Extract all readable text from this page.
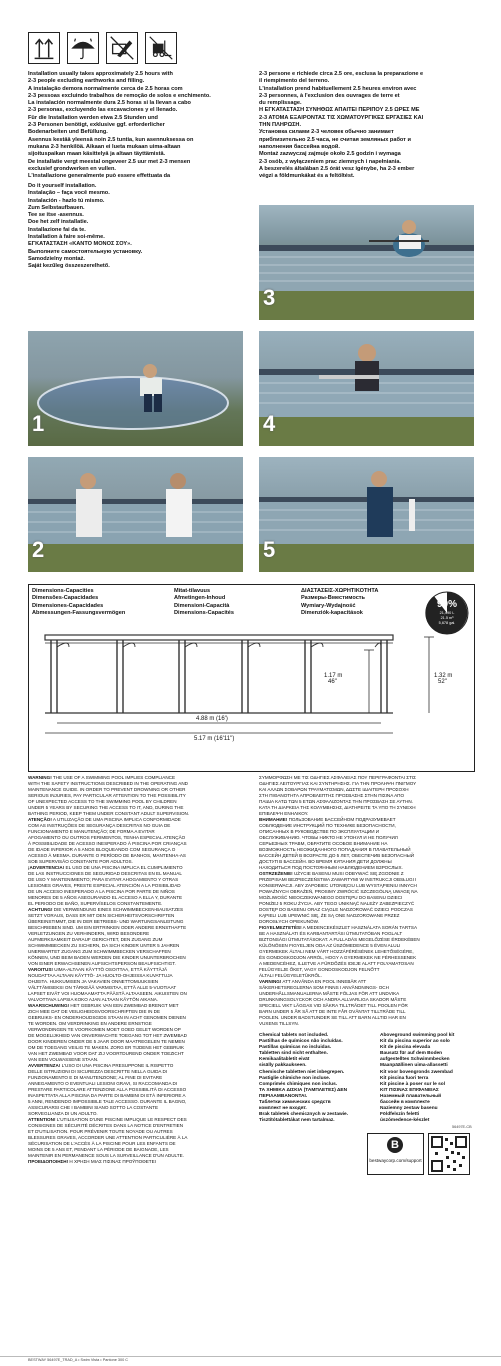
Installation usually takes approximately 2.5 hours with
2-3 people excluding earthworks and filling.
A instalação demora normalmente cerca de 2.5 horas com
2-3 pessoas excluindo trabalhos de remoção de solos e enchimento.
La instalación normalmente dura 2.5 horas si la llevan a cabo
2-3 personas, excluyendo las excavaciones y el llenado.
Für die Installation werden etwa 2.5 Stunden und
2-3 Personen benötigt, exklusive ggf. erforderlicher
Bodenarbeiten und Befüllung.
Asennus kestää yleensä noin 2.5 tuntia, kun asennuksessa on
mukana 2-3 henkilöä. Aikaan ei lueta mukaan uima-altaan
sijoituspaikan maan käsittelyä ja altaan täyttämistä.
De installatie vergt meestal ongeveer 2.5 uur met 2-3 mensen
exclusief grondwerken en vullen.
L'installazione generalmente può essere effettuata da
2-3 persone e richiede circa 2.5 ore, esclusa la preparazione e
il riempimento del terreno.
L'installation prend habituellement 2.5 heures environ avec
2-3 personnes, à l'exclusion des ouvrages de terre et
du remplissage.
Η ΕΓΚΑΤΑΣΤΑΣΗ ΣΥΝΗΘΩΣ ΑΠΑΙΤΕΙ ΠΕΡΙΠΟΥ 2.5 ΩΡΕΣ ΜΕ
2-3 ΑΤΟΜΑ ΕΞΑΙΡΟΝΤΑΣ ΤΙΣ ΧΩΜΑΤΟΥΡΓΙΚΕΣ ΕΡΓΑΣΙΕΣ ΚΑΙ
ΤΗΝ ΠΛΗΡΩΣΗ.
Установка силами 2-3 человек обычно занимает
приблизительно 2.5 часа, не считая земляных работ и
наполнения бассейна водой.
Montaż zazwyczaj zajmuje około 2.5 godzin i wymaga
2-3 osób, z wyłączeniem prac ziemnych i napełniania.
A beszerelés általában 2.5 órát vesz igénybe, ha 2-3 ember
végzi a földmunkákat és a feltöltést.
Do it yourself installation.
Instalação – faça você mesmo.
Instalación - hazlo tú mismo.
Zum Selbstaufbauen.
Tee se itse -asennus.
Doe het zelf installatie.
Installazione fai da te.
Installation à faire soi-même.
ΕΓΚΑΤΑΣΤΑΣΗ «ΚΑΝΤΟ ΜΟΝΟΣ ΣΟΥ».
Выполните самостоятельную установку.
Samodzielny montaż.
Saját kezűleg összeszerelhető.
3
1	4
2	5
Dimensions-Capacities
Dimensões-Capacidades
Dimensiones-Capacidades
Abmessungen-Fassungsvermögen
Mitat-tilavuus
Afmetingen-Inhoud
Dimensioni-Capacità
Dimensions-Capacités
ΔΙΑΣΤΑΣΕΙΣ-ΧΩΡΗΤΙΚΟΤΗΤΑ
Размеры-Вместимость
Wymiary-Wydajność
Dimenziók-kapacitások
90%
21,490 L
21.5 m³
5,678 gal.
1.17 m
46''
1.32 m
52''
4.88 m (16')
5.17 m (16'11'')
WARNING! THE USE OF A SWIMMING POOL IMPLIES COMPLIANCE
WITH THE SAFETY INSTRUCTIONS DESCRIBED IN THE OPERATING AND
MAINTENANCE GUIDE. IN ORDER TO PREVENT DROWNING OR OTHER
SERIOUS INJURIES, PAY PARTICULAR ATTENTION TO THE POSSIBILITY
OF UNEXPECTED ACCESS TO THE SWIMMING POOL BY CHILDREN
UNDER 5 YEARS BY SECURING THE ACCESS TO IT, AND, DURING THE
BATHING PERIOD, KEEP THEM UNDER CONSTANT ADULT SUPERVISION.
ATENÇÃO! A UTILIZAÇÃO DE UMA PISCINA IMPLICA CONFORMIDADE
COM AS INSTRUÇÕES DE SEGURANÇA DESCRITAS NO GUIA DE
FUNCIONAMENTO E MANUTENÇÃO; DE FORMA A EVITAR
AFOGAMENTO OU OUTROS FERIMENTOS, TENHA ESPECIAL ATENÇÃO
À POSSIBILIDADE DE ACESSO INESPERADO À PISCINA POR CRIANÇAS
DE IDADE INFERIOR A 5 ANOS BLOQUEANDO COM SEGURANÇA O
ACESSO À MESMA. DURANTE O PERÍODO DE BANHOS, MANTENHA-AS
SOB SUPERVISÃO CONSTANTE POR ADULTOS.
¡ADVERTENCIA! EL USO DE UNA PISCINA IMPLICA EL CUMPLIMIENTO
DE LAS INSTRUCCIONES DE SEGURIDAD DESCRITAS EN EL MANUAL
DE USO Y MANTENIMIENTO; PARA EVITAR AHOGAMIENTO Y OTRAS
LESIONES GRAVES, PRESTE ESPECIAL ATENCIÓN A LA POSIBILIDAD
DE UN ACCESO INESPERADO A LA PISCINA POR PARTE DE NIÑOS
MENORES DE 5 AÑOS ASEGURANDO EL ACCESO A ELLA Y, DURANTE
EL PERIODO DE BAÑO, SUPERVÍSELOS CONSTANTEMENTE.
ACHTUNG! DIE VERWENDUNG EINES SCHWIMMBECKEN-BAUSATZES
SETZT VORAUS, DASS ER MIT DEN SICHERHEITSVORSCHRIFTEN
ÜBEREINSTIMMT, DIE IN DER BETRIEBS- UND WARTUNGSANLEITUNG
BESCHRIEBEN SIND. UM EIN ERTRINKEN ODER ANDERE ERNSTHAFTE
VERLETZUNGEN ZU VERHINDERN, WIRD BESONDERE
AUFMERKSAMKEIT DARAUF GERICHTET, DEN ZUGANG ZUM
SCHWIMMBECKEN ZU SICHERN, DA SICH KINDER UNTER 5 JAHREN
UNERWARTET ZUGANG ZUM SCHWIMMBECKEN VERSCHAFFEN
KÖNNEN, UND BEIM BADEN WERDEN DIE KINDER UNUNTERBROCHEN
VON EINER ERWACHSENEN AUFSICHTSPERSON BEAUFSICHTIGT.
VAROITUS! UIMA-ALTAAN KÄYTTÖ OSOITTAA, ETTÄ KÄYTTÄJÄ
NOUDATTAA ALTAAN KÄYTTÖ- JA HUOLTO-OHJEISSA KUVATTUJA
OHJEITA. HUKKUMISEN JA VAKAVIEN ONNETTOMUUKSIEN
VÄLTTÄMISEKSI ON TÄRKEÄÄ VARMISTAA, ETTÄ ALLE 5-VUOTIAAT
LAPSET EIVÄT VOI HUOMAAMATTA PÄÄSTÄ ALTAASEEN. AIKUISTEN ON
VALVOTTAVA LAPSIA KOKO AJAN ALTAAN KÄYTÖN AIKANA.
WAARSCHUWING! HET GEBRUIK VAN EEN ZWEMBAD BRENGT MET
ZICH MEE DAT DE VEILIGHEIDSVOORSCHRIFTEN DIE IN DE
GEBRUIKS- EN ONDERHOUDSGIDS STAAN IN ACHT GENOMEN DIENEN
TE WORDEN. OM VERDRINKING EN ANDERE ERNSTIGE
VERWONDINGEN TE VOORKOMEN MOET GOED GELET WORDEN OP
DE MOGELIJKHEID VAN ONVERWACHTE TOEGANG TOT HET ZWEMBAD
DOOR KINDEREN ONDER DE 5 JAAR DOOR MAATREGELEN TE NEMEN
OM DE TOEGANG VEILIG TE MAKEN. ZORG ER TIJDENS HET GEBRUIK
VAN HET ZWEMBAD VOOR DAT ZIJ VOORTDUREND ONDER TOEZICHT
VAN EEN VOLWASSENE STAAN.
AVVERTENZA! L'USO DI UNA PISCINA PRESUPPONE IL RISPETTO
DELLE ISTRUZIONI DI SICUREZZA DESCRITTE NELLA GUIDA DI
FUNZIONAMENTO E DI MANUTENZIONE; AL FINE DI EVITARE
ANNEGAMENTO O EVENTUALI LESIONI GRAVI, SI RACCOMANDA DI
PRESTARE PARTICOLARE ATTENZIONE ALLA POSSIBILITÀ DI ACCESSO
INASPETTATA ALLA PISCINA DA PARTE DI BAMBINI DI ETÀ INFERIORE A
5 ANNI, RENDENDO IMPOSSIBILE TALE ACCESSO. DURANTE IL BAGNO,
ASSICURARSI CHE I BAMBINI SIANO SOTTO LA COSTANTE
SORVEGLIANZA DI UN ADULTO.
ATTENTION! L'UTILISATION D'UNE PISCINE IMPLIQUE LE RESPECT DES
CONSIGNES DE SÉCURITÉ DÉCRITES DANS LA NOTICE D'ENTRETIEN
ET D'UTILISATION. POUR PRÉVENIR TOUTE NOYADE OU AUTRES
BLESSURES GRAVES, ACCORDER UNE ATTENTION PARTICULIÈRE À LA
SÉCURISATION DE L'ACCÈS À LA PISCINE POUR LES ENFANTS DE
MOINS DE 5 ANS ET, PENDANT LA PÉRIODE DE BAIGNADE, LES
MAINTENIR EN PERMANENCE SOUS LA SURVEILLANCE D'UN ADULTE.
ΠΡΟΕΙΔΟΠΟΙΗΣΗ! Η ΧΡΗΣΗ ΜΙΑΣ ΠΙΣΙΝΑΣ ΠΡΟΫΠΟΘΕΤΕΙ
ΣΥΜΜΟΡΦΩΣΗ ΜΕ ΤΙΣ ΟΔΗΓΙΕΣ ΑΣΦΑΛΕΙΑΣ ΠΟΥ ΠΕΡΙΓΡΑΦΟΝΤΑΙ ΣΤΙΣ
ΟΔΗΓΙΕΣ ΛΕΙΤΟΥΡΓΙΑΣ ΚΑΙ ΣΥΝΤΗΡΗΣΗΣ. ΓΙΑ ΤΗΝ ΠΡΟΛΗΨΗ ΠΝΙΓΜΟΥ
ΚΑΙ ΑΛΛΩΝ ΣΟΒΑΡΩΝ ΤΡΑΥΜΑΤΙΣΜΩΝ, ΔΩΣΤΕ ΙΔΙΑΙΤΕΡΗ ΠΡΟΣΟΧΗ
ΣΤΗ ΠΙΘΑΝΟΤΗΤΑ ΑΠΡΟΒΛΕΠΤΗΣ ΠΡΟΣΒΑΣΗΣ ΣΤΗΝ ΠΙΣΙΝΑ ΑΠΟ
ΠΑΙΔΙΑ ΚΑΤΩ ΤΩΝ 5 ΕΤΩΝ ΑΣΦΑΛΙΖΟΝΤΑΣ ΤΗΝ ΠΡΟΣΒΑΣΗ ΣΕ ΑΥΤΗΝ.
ΚΑΤΑ ΤΗ ΔΙΑΡΚΕΙΑ ΤΗΣ ΚΟΛΥΜΒΗΣΗΣ, ΔΙΑΤΗΡΕΙΤΕ ΤΑ ΥΠΟ ΤΗ ΣΥΝΕΧΗ
ΕΠΙΒΛΕΨΗ ΕΝΗΛΙΚΟΥ.
ВНИМАНИЕ! ПОЛЬЗОВАНИЕ БАССЕЙНОМ ПОДРАЗУМЕВАЕТ
СОБЛЮДЕНИЕ ИНСТРУКЦИЙ ПО ТЕХНИКЕ БЕЗОПАСНОСТИ,
ОПИСАННЫХ В РУКОВОДСТВЕ ПО ЭКСПЛУАТАЦИИ И
ОБСЛУЖИВАНИЮ. ЧТОБЫ НИКТО НЕ УТОНУЛ И НЕ ПОЛУЧИЛ
СЕРЬЕЗНЫХ ТРАВМ, ОБРАТИТЕ ОСОБОЕ ВНИМАНИЕ НА
ВОЗМОЖНОСТЬ НЕОЖИДАННОГО ПОПАДАНИЯ В ПЛАВАТЕЛЬНЫЙ
БАССЕЙН ДЕТЕЙ В ВОЗРАСТЕ ДО 5 ЛЕТ, ОБЕСПЕЧИВ БЕЗОПАСНЫЙ
ДОСТУП В БАССЕЙН. ВО ВРЕМЯ КУПАНИЯ ДЕТИ ДОЛЖНЫ
НАХОДИТЬСЯ ПОД ПОСТОЯННЫМ НАБЛЮДЕНИЕМ ВЗРОСЛЫХ.
OSTRZEŻENIE! UŻYCIE BASENU MUSI ODBYWAĆ SIĘ ZGODNIE Z
PRZEPISAMI BEZPIECZEŃSTWA ZAWARTYMI W INSTRUKCJI OBSŁUGI I
KONSERWACJI. ABY ZAPOBIEC UTONIĘCIU LUB WYSTĄPIENIU INNYCH
POWAŻNYCH OBRAŻEŃ, PROSIMY ZWRÓCIĆ SZCZEGÓLNĄ UWAGĘ NA
MOŻLIWOŚĆ NIEOCZEKIWANEGO DOSTĘPU DO BASENU DZIECI
PONIŻEJ 5 ROKU ŻYCIA. ABY TEGO UNIKNĄĆ NALEŻY ZABEZPIECZYĆ
DOSTĘP DO BASENU ORAZ CIĄGLE NADZOROWAĆ DZIECI PODCZAS
KĄPIELI LUB UPEWNIĆ SIĘ, ŻE SĄ ONE NADZOROWANE PRZEZ
DOROSŁYCH OPIEKUNÓW.
FIGYELMEZTETÉS! A MEDENCEKÉSZLET HASZNÁLATA SORÁN TARTSA
BE A HASZNÁLATI ÉS KARBANTARTÁSI ÚTMUTATÓBAN FOGLALT
BIZTONSÁGI ÚTMUTATÁSOKAT. A FULLADÁS MEGELŐZÉSE ÉRDEKÉBEN
KÜLÖNÖSEN FIGYELJEN ODA AZ ÚSZÓMEDENCE 5 ÉVEN ALULI
GYERMEKEK ÁLTALI NEM VÁRT HOZZÁFÉRÉSÉNEK LEHETŐSÉGÉRE,
ÉS GONDOSKODJON ARRÓL, HOGY A GYERMEKEK NE FÉRHESSENEK
A MEDENCÉHEZ, ILLETVE A FÜRDŐZÉS IDEJE ALATT FOLYAMATOSAN
FELÜGYELJE ŐKET, VAGY GONDOSKODJON FELNŐTT
ÁLTALI FELÜGYELETÜKRŐL.
VARNING! ATT ANVÄNDA EN POOL INNEBÄR ATT
SÄKERHETSREGLERNA SOM FINNS I ANVÄNDNINGS- OCH
UNDERHÅLLSMANUALERNA MÅSTE FÖLJAS FÖR ATT UNDVIKA
DRUNKNINGSOLYCKOR OCH ANDRA ALLVARLIGA SKADOR MÅSTE
SPECIELL VIKT LÄGGAS VID SÄKRA TILLTRÄDET TILL POOLEN FÖR
BARN UNDER 5 ÅR SÅ ATT DE INTE FÅR OVÄNTAT TILLTRÄDE TILL
POOLEN. UNDER BADSTUNDER SE TILL ATT BARN ALLTID HAR EN
VUXENS TILLSYN.
Chemical tablets not included.
Pastilhas de químicos não incluídas.
Pastillas químicas no incluidas.
Tabletten sind nicht enthalten.
Kemikaalitabletit eivät
sisälly pakkaukseen.
Chemische tabletten niet inbegrepen.
Pastiglie chimiche non incluse.
Comprimés chimiques non inclus.
ΤΑ ΧΗΜΙΚΑ ΔΙΣΚΙΑ (ΤΑΜΠΛΕΤΕΣ) ΔΕΝ
ΠΕΡΙΛΑΜΒΑΝΟΝΤΑΙ.
Таблетки химических средств
комплект не входят.
Brak tabletek chemicznych w zestawie.
Tisztítótablettákat nem tartalmaz.
Aboveground swimming pool kit
Kit da piscina superior ao solo
Kit de piscina elevada
Bausatz für auf dem Boden
aufgestelltes Schwimmbecken
Maanpäällinen uima-allassetti
Kit voor bovengronds zwembad
Kit piscina fuori terra
Kit piscine à poser sur le sol
ΚΙΤ ΠΙΣΙΝΑΣ ΕΠΙΦΑΝΕΙΑΣ
Наземный плавательный
бассейн в комплекте
Naziemny zestaw basenu
Földfelszín feletti
úszómedence-készlet
B
bestwaycorp.com/support
BESTWAY 56497E_TRAD_A • Swim Vista • Pantone 300 C
56497E-CB
